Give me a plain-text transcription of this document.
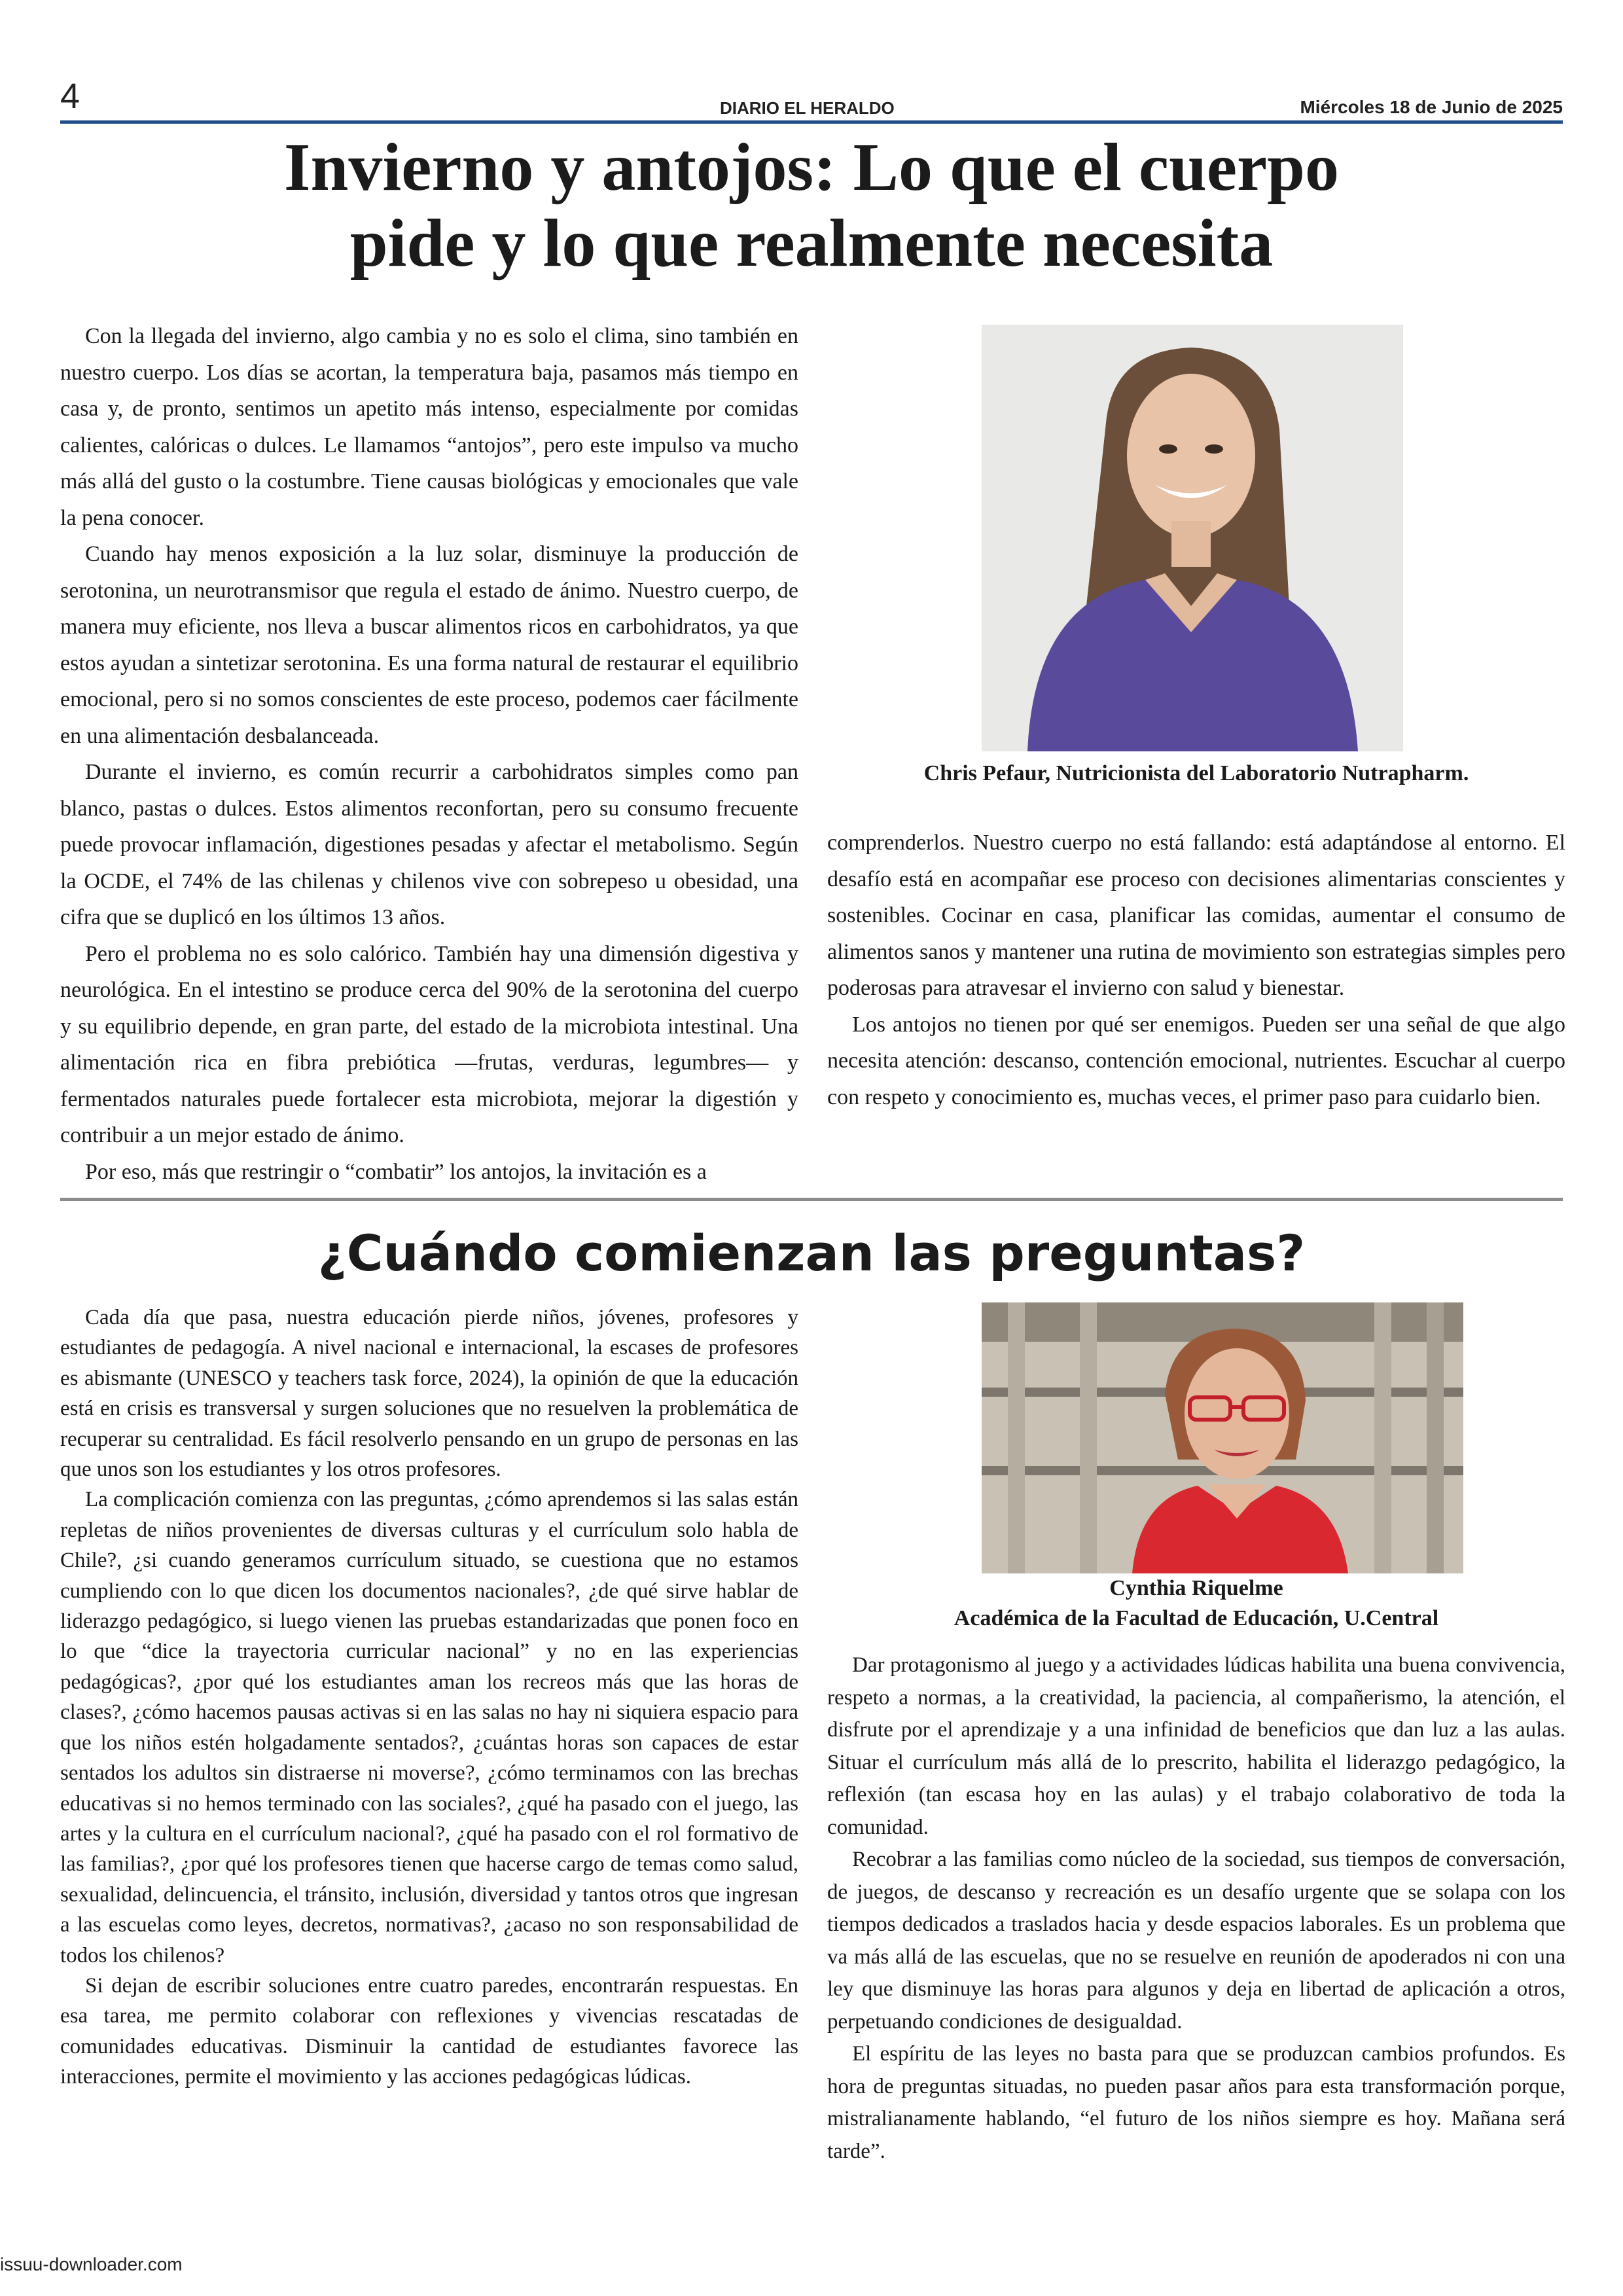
4	DIARIO EL HERALDO	Miércoles 18 de Junio de 2025
Invierno y antojos: Lo que el cuerpo
pide y lo que realmente necesita

Con la llegada del invierno, algo cambia y no es solo el clima, sino también en nuestro cuerpo. Los días se acortan, la temperatura baja, pasamos más tiempo en casa y, de pronto, sentimos un apetito más intenso, especialmente por comidas calientes, calóricas o dulces. Le llamamos “antojos”, pero este impulso va mucho más allá del gusto o la costumbre. Tiene causas biológicas y emocionales que vale la pena conocer.

Cuando hay menos exposición a la luz solar, disminuye la producción de serotonina, un neurotransmisor que regula el estado de ánimo. Nuestro cuerpo, de manera muy eficiente, nos lleva a buscar alimentos ricos en carbohidratos, ya que estos ayudan a sintetizar serotonina. Es una forma natural de restaurar el equilibrio emocional, pero si no somos conscientes de este proceso, podemos caer fácilmente en una alimentación desbalanceada.

Durante el invierno, es común recurrir a carbohidratos simples como pan blanco, pastas o dulces. Estos alimentos reconfortan, pero su consumo frecuente puede provocar inflamación, digestiones pesadas y afectar el metabolismo. Según la OCDE, el 74% de las chilenas y chilenos vive con sobrepeso u obesidad, una cifra que se duplicó en los últimos 13 años.

Pero el problema no es solo calórico. También hay una dimensión digestiva y neurológica. En el intestino se produce cerca del 90% de la serotonina del cuerpo y su equilibrio depende, en gran parte, del estado de la microbiota intestinal. Una alimentación rica en fibra prebiótica —frutas, verduras, legumbres— y fermentados naturales puede fortalecer esta microbiota, mejorar la digestión y contribuir a un mejor estado de ánimo.

Por eso, más que restringir o “combatir” los antojos, la invitación es a

Chris Pefaur, Nutricionista del Laboratorio Nutrapharm.

comprenderlos. Nuestro cuerpo no está fallando: está adaptándose al entorno. El desafío está en acompañar ese proceso con decisiones alimentarias conscientes y sostenibles. Cocinar en casa, planificar las comidas, aumentar el consumo de alimentos sanos y mantener una rutina de movimiento son estrategias simples pero poderosas para atravesar el invierno con salud y bienestar.

Los antojos no tienen por qué ser enemigos. Pueden ser una señal de que algo necesita atención: descanso, contención emocional, nutrientes. Escuchar al cuerpo con respeto y conocimiento es, muchas veces, el primer paso para cuidarlo bien.

¿Cuándo comienzan las preguntas?

Cada día que pasa, nuestra educación pierde niños, jóvenes, profesores y estudiantes de pedagogía. A nivel nacional e internacional, la escases de profesores es abismante (UNESCO y teachers task force, 2024), la opinión de que la educación está en crisis es transversal y surgen soluciones que no resuelven la problemática de recuperar su centralidad. Es fácil resolverlo pensando en un grupo de personas en las que unos son los estudiantes y los otros profesores.

La complicación comienza con las preguntas, ¿cómo aprendemos si las salas están repletas de niños provenientes de diversas culturas y el currículum solo habla de Chile?, ¿si cuando generamos currículum situado, se cuestiona que no estamos cumpliendo con lo que dicen los documentos nacionales?, ¿de qué sirve hablar de liderazgo pedagógico, si luego vienen las pruebas estandarizadas que ponen foco en lo que “dice la trayectoria curricular nacional” y no en las experiencias pedagógicas?, ¿por qué los estudiantes aman los recreos más que las horas de clases?, ¿cómo hacemos pausas activas si en las salas no hay ni siquiera espacio para que los niños estén holgadamente sentados?, ¿cuántas horas son capaces de estar sentados los adultos sin distraerse ni moverse?, ¿cómo terminamos con las brechas educativas si no hemos terminado con las sociales?, ¿qué ha pasado con el juego, las artes y la cultura en el currículum nacional?, ¿qué ha pasado con el rol formativo de las familias?, ¿por qué los profesores tienen que hacerse cargo de temas como salud, sexualidad, delincuencia, el tránsito, inclusión, diversidad y tantos otros que ingresan a las escuelas como leyes, decretos, normativas?, ¿acaso no son responsabilidad de todos los chilenos?

Si dejan de escribir soluciones entre cuatro paredes, encontrarán respuestas. En esa tarea, me permito colaborar con reflexiones y vivencias rescatadas de comunidades educativas. Disminuir la cantidad de estudiantes favorece las interacciones, permite el movimiento y las acciones pedagógicas lúdicas.

Cynthia Riquelme
Académica de la Facultad de Educación, U.Central

Dar protagonismo al juego y a actividades lúdicas habilita una buena convivencia, respeto a normas, a la creatividad, la paciencia, al compañerismo, la atención, el disfrute por el aprendizaje y a una infinidad de beneficios que dan luz a las aulas. Situar el currículum más allá de lo prescrito, habilita el liderazgo pedagógico, la reflexión (tan escasa hoy en las aulas) y el trabajo colaborativo de toda la comunidad.

Recobrar a las familias como núcleo de la sociedad, sus tiempos de conversación, de juegos, de descanso y recreación es un desafío urgente que se solapa con los tiempos dedicados a traslados hacia y desde espacios laborales. Es un problema que va más allá de las escuelas, que no se resuelve en reunión de apoderados ni con una ley que disminuye las horas para algunos y deja en libertad de aplicación a otros, perpetuando condiciones de desigualdad.

El espíritu de las leyes no basta para que se produzcan cambios profundos. Es hora de preguntas situadas, no pueden pasar años para esta transformación porque, mistralianamente hablando, “el futuro de los niños siempre es hoy. Mañana será tarde”.

issuu-downloader.com
